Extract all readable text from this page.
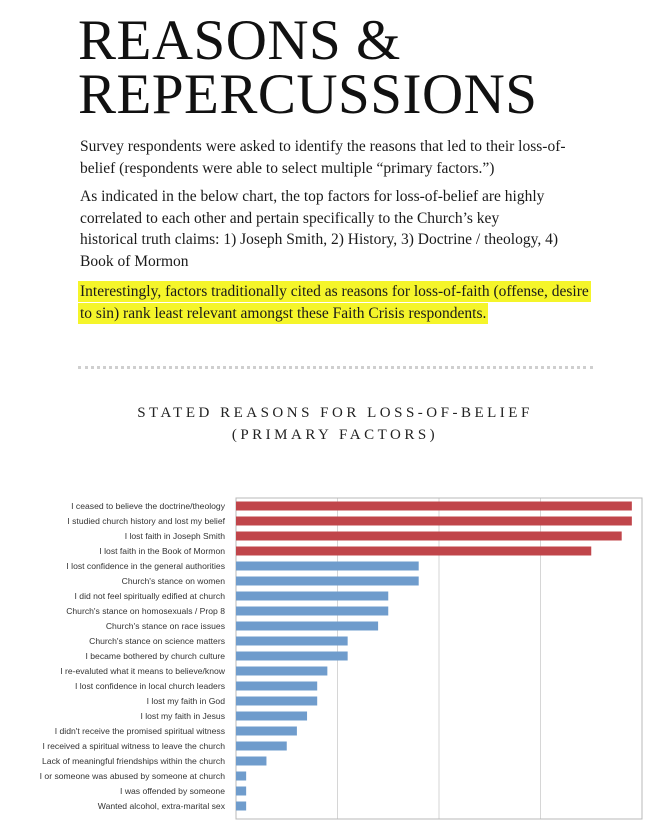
REASONS &
REPERCUSSIONS

Survey respondents were asked to identify the reasons that led to their loss-of-belief (respondents were able to select multiple “primary factors.”)

As indicated in the below chart, the top factors for loss-of-belief are highly correlated to each other and pertain specifically to the Church’s key historical truth claims: 1) Joseph Smith, 2) History, 3) Doctrine / theology, 4) Book of Mormon

Interestingly, factors traditionally cited as reasons for loss-of-faith (offense, desire to sin) rank least relevant amongst these Faith Crisis respondents.

STATED REASONS FOR LOSS-OF-BELIEF
(PRIMARY FACTORS)
I ceased to believe the doctrine/theology
I studied church history and lost my belief
I lost faith in Joseph Smith
I lost faith in the Book of Mormon
I lost confidence in the general authorities
Church's stance on women
I did not feel spiritually edified at church
Church's stance on homosexuals / Prop 8
Church's stance on race issues
Church's stance on science matters
I became bothered by church culture
I re-evaluted what it means to believe/know
I lost confidence in local church leaders
I lost my faith in God
I lost my faith in Jesus
I didn't receive the promised spiritual witness
I received a spiritual witness to leave the church
Lack of meaningful friendships within the church
I or someone was abused by someone at church
I was offended by someone
Wanted alcohol, extra-marital sex
